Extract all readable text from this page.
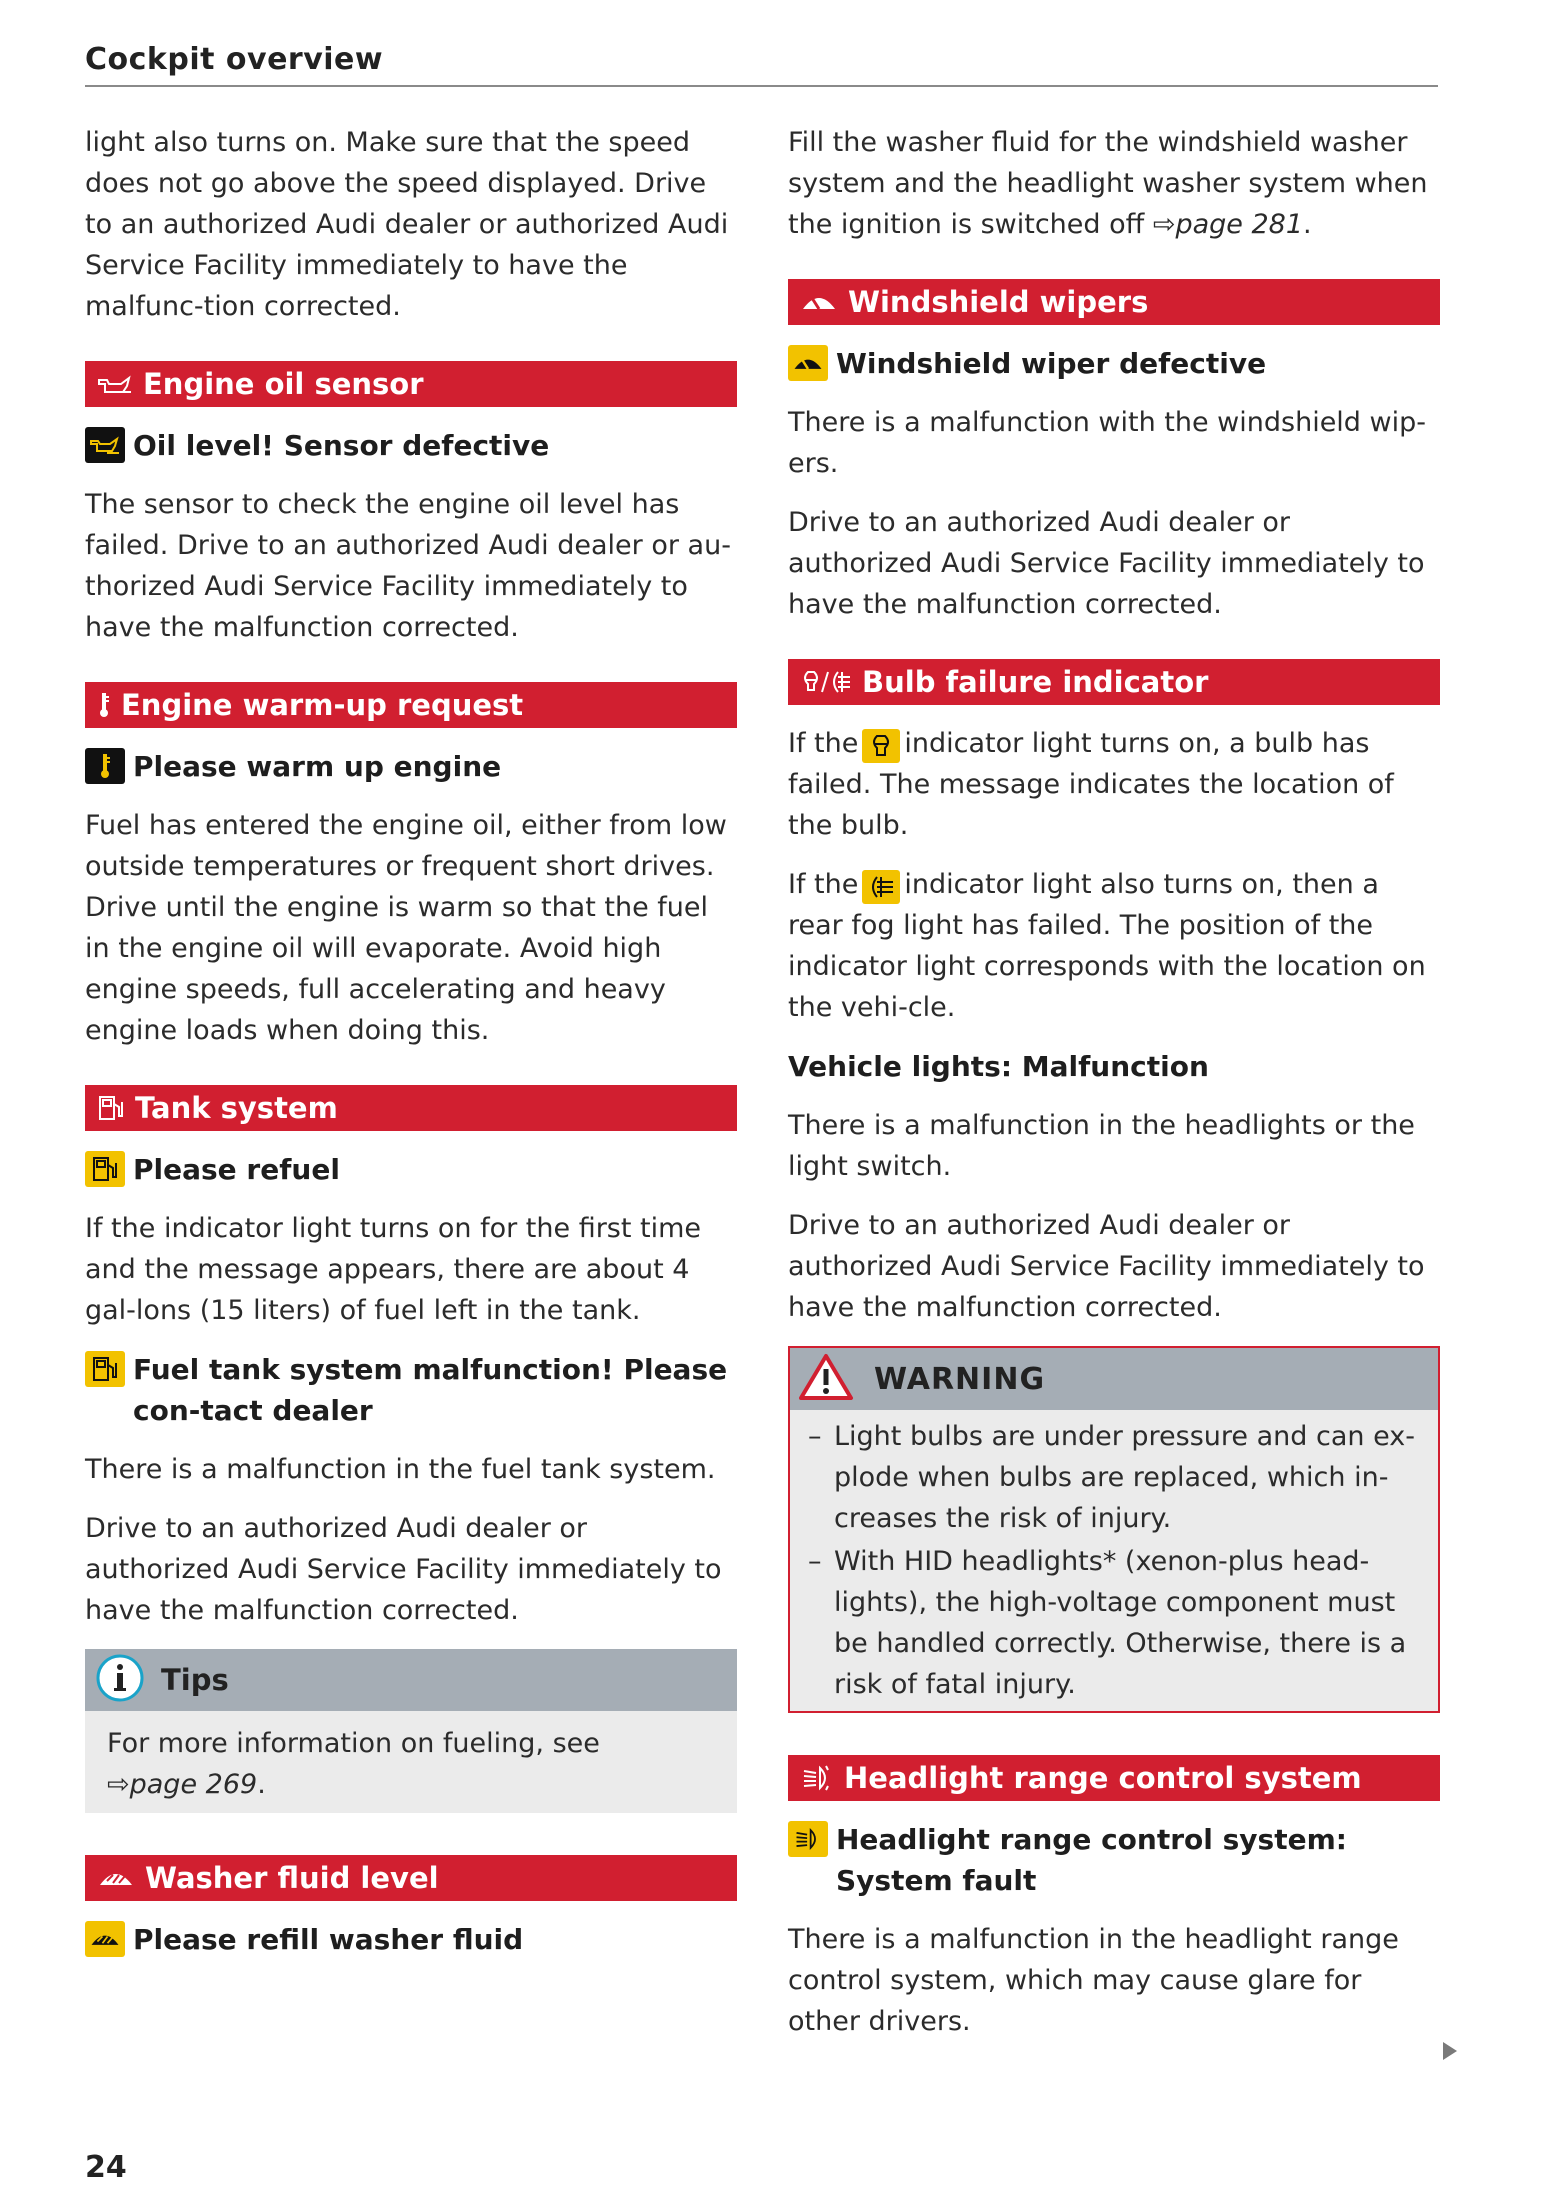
Cockpit overview

light also turns on. Make sure that the speed does not go above the speed displayed. Drive to an authorized Audi dealer or authorized Audi Service Facility immediately to have the malfunc-tion corrected.

Engine oil sensor
Oil level! Sensor defective

The sensor to check the engine oil level has failed. Drive to an authorized Audi dealer or au-thorized Audi Service Facility immediately to have the malfunction corrected.

Engine warm-up request
Please warm up engine

Fuel has entered the engine oil, either from low outside temperatures or frequent short drives. Drive until the engine is warm so that the fuel in the engine oil will evaporate. Avoid high engine speeds, full accelerating and heavy engine loads when doing this.

Tank system
Please refuel

If the indicator light turns on for the first time and the message appears, there are about 4 gal-lons (15 liters) of fuel left in the tank.

Fuel tank system malfunction! Please con-tact dealer

There is a malfunction in the fuel tank system.

Drive to an authorized Audi dealer or authorized Audi Service Facility immediately to have the malfunction corrected.

Tips

For more information on fueling, see
⇨page 269.

Washer fluid level
Please refill washer fluid

Fill the washer fluid for the windshield washer system and the headlight washer system when the ignition is switched off ⇨page 281.

Windshield wipers
Windshield wiper defective

There is a malfunction with the windshield wip-ers.

Drive to an authorized Audi dealer or authorized Audi Service Facility immediately to have the malfunction corrected.

Bulb failure indicator

If the indicator light turns on, a bulb has failed. The message indicates the location of the bulb.

If the indicator light also turns on, then a rear fog light has failed. The position of the indicator light corresponds with the location on the vehi-cle.

Vehicle lights: Malfunction

There is a malfunction in the headlights or the light switch.

Drive to an authorized Audi dealer or authorized Audi Service Facility immediately to have the malfunction corrected.

WARNING
– Light bulbs are under pressure and can ex-plode when bulbs are replaced, which in-creases the risk of injury.
– With HID headlights* (xenon-plus head-lights), the high-voltage component must be handled correctly. Otherwise, there is a risk of fatal injury.
Headlight range control system
Headlight range control system: System fault

There is a malfunction in the headlight range control system, which may cause glare for other drivers.

24
